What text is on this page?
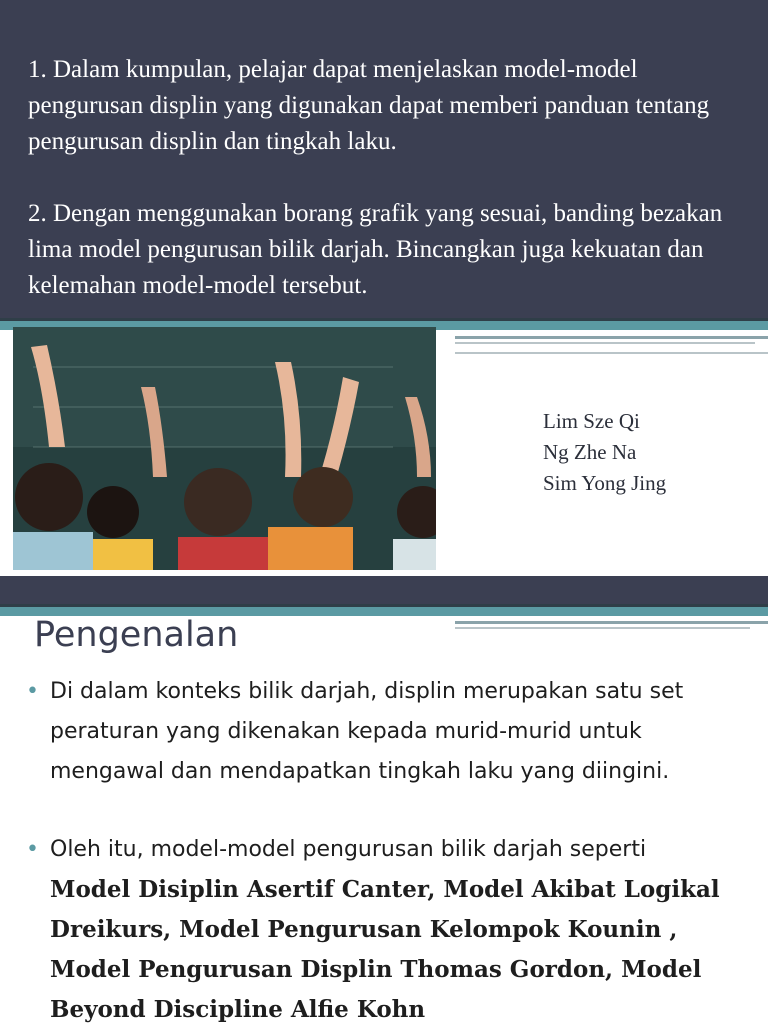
1. Dalam kumpulan, pelajar dapat menjelaskan model-model pengurusan displin yang digunakan dapat memberi panduan tentang pengurusan displin dan tingkah laku.

2. Dengan menggunakan borang grafik yang sesuai, banding bezakan lima model pengurusan bilik darjah. Bincangkan juga kekuatan dan kelemahan model-model tersebut.

Lim Sze Qi
Ng Zhe Na
Sim Yong Jing
Pengenalan
• Di dalam konteks bilik darjah, displin merupakan satu set peraturan yang dikenakan kepada murid-murid untuk mengawal dan mendapatkan tingkah laku yang diingini.
• Oleh itu, model-model pengurusan bilik darjah seperti
Model Disiplin Asertif Canter, Model Akibat Logikal Dreikurs, Model Pengurusan Kelompok Kounin , Model Pengurusan Displin Thomas Gordon, Model Beyond Discipline Alfie Kohn
